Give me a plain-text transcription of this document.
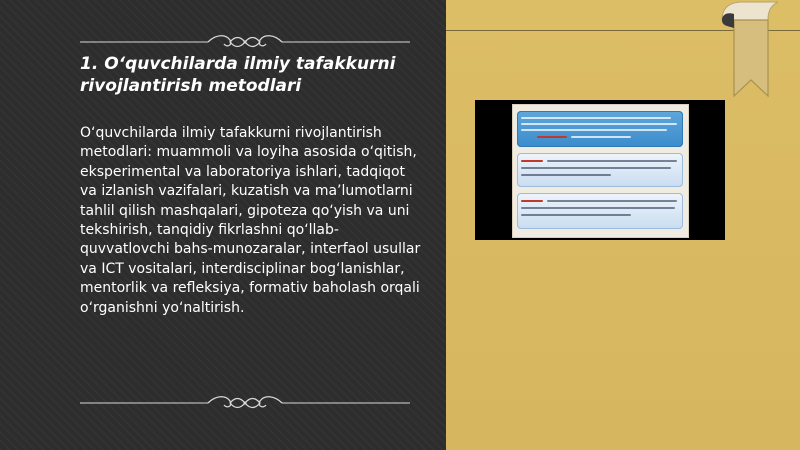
1. O‘quvchilarda ilmiy tafakkurni rivojlantirish metodlari

O‘quvchilarda ilmiy tafakkurni rivojlantirish metodlari: muammoli va loyiha asosida o‘qitish, eksperimental va laboratoriya ishlari, tadqiqot va izlanish vazifalari, kuzatish va ma’lumotlarni tahlil qilish mashqalari, gipoteza qo‘yish va uni tekshirish, tanqidiy fikrlashni qo‘llab-quvvatlovchi bahs-munozaralar, interfaol usullar va ICT vositalari, interdisciplinar bog‘lanishlar, mentorlik va refleksiya, formativ baholash orqali o‘rganishni yo‘naltirish.
